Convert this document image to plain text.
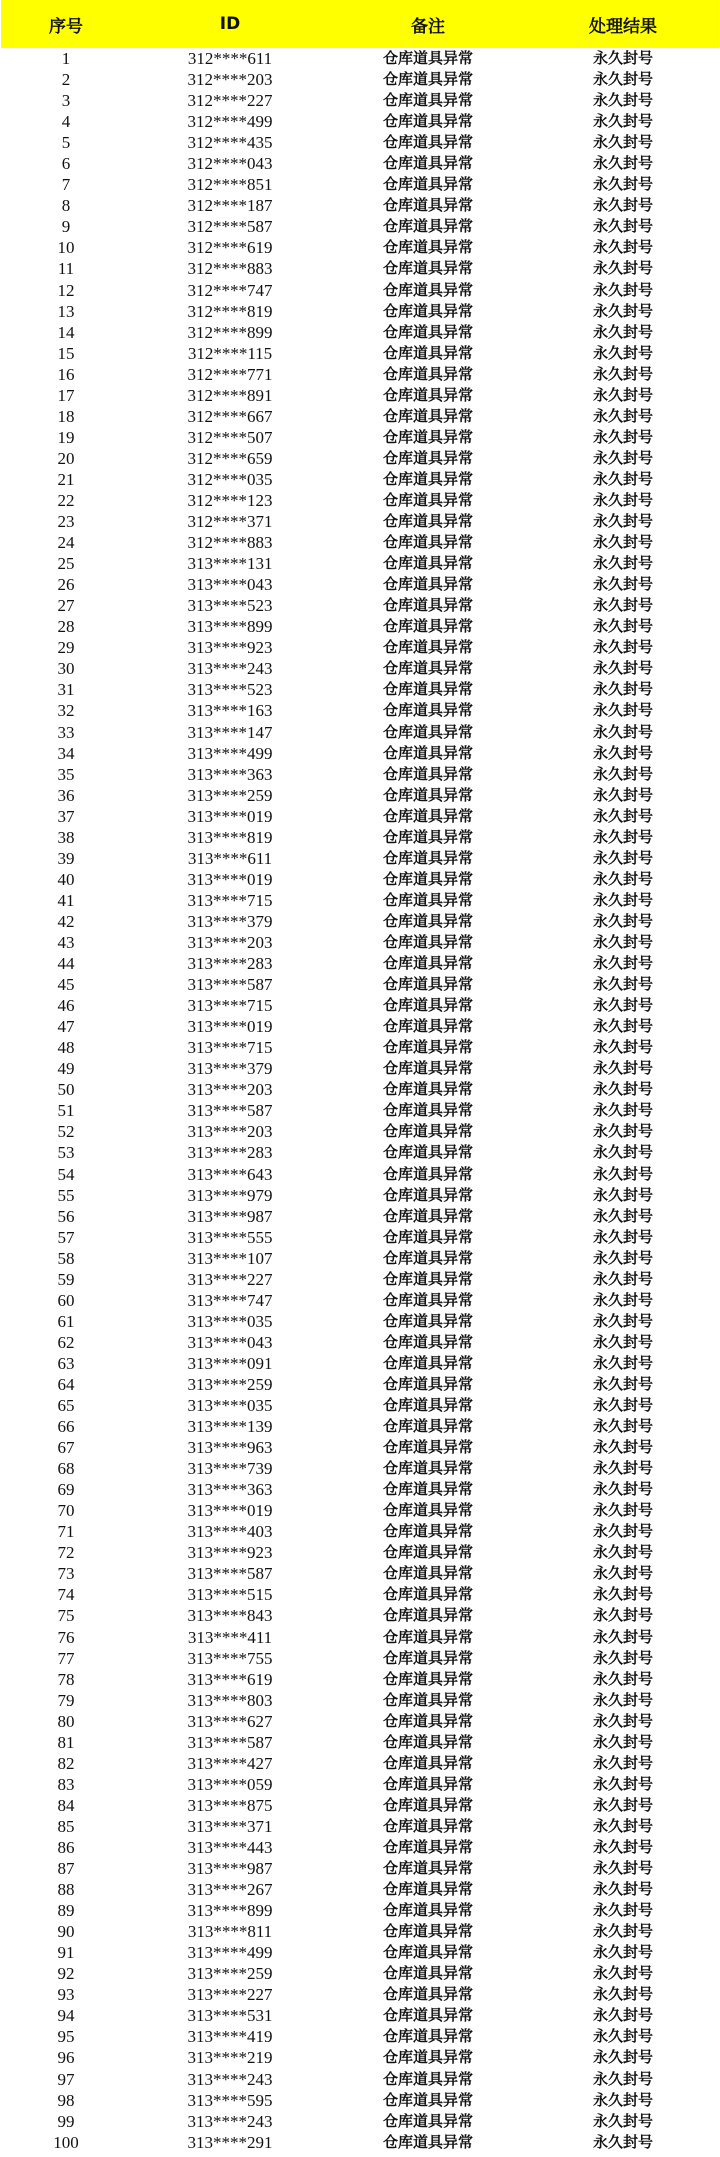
序号	ID	备注	处理结果
1	312****611	仓库道具异常	永久封号
2	312****203	仓库道具异常	永久封号
3	312****227	仓库道具异常	永久封号
4	312****499	仓库道具异常	永久封号
5	312****435	仓库道具异常	永久封号
6	312****043	仓库道具异常	永久封号
7	312****851	仓库道具异常	永久封号
8	312****187	仓库道具异常	永久封号
9	312****587	仓库道具异常	永久封号
10	312****619	仓库道具异常	永久封号
11	312****883	仓库道具异常	永久封号
12	312****747	仓库道具异常	永久封号
13	312****819	仓库道具异常	永久封号
14	312****899	仓库道具异常	永久封号
15	312****115	仓库道具异常	永久封号
16	312****771	仓库道具异常	永久封号
17	312****891	仓库道具异常	永久封号
18	312****667	仓库道具异常	永久封号
19	312****507	仓库道具异常	永久封号
20	312****659	仓库道具异常	永久封号
21	312****035	仓库道具异常	永久封号
22	312****123	仓库道具异常	永久封号
23	312****371	仓库道具异常	永久封号
24	312****883	仓库道具异常	永久封号
25	313****131	仓库道具异常	永久封号
26	313****043	仓库道具异常	永久封号
27	313****523	仓库道具异常	永久封号
28	313****899	仓库道具异常	永久封号
29	313****923	仓库道具异常	永久封号
30	313****243	仓库道具异常	永久封号
31	313****523	仓库道具异常	永久封号
32	313****163	仓库道具异常	永久封号
33	313****147	仓库道具异常	永久封号
34	313****499	仓库道具异常	永久封号
35	313****363	仓库道具异常	永久封号
36	313****259	仓库道具异常	永久封号
37	313****019	仓库道具异常	永久封号
38	313****819	仓库道具异常	永久封号
39	313****611	仓库道具异常	永久封号
40	313****019	仓库道具异常	永久封号
41	313****715	仓库道具异常	永久封号
42	313****379	仓库道具异常	永久封号
43	313****203	仓库道具异常	永久封号
44	313****283	仓库道具异常	永久封号
45	313****587	仓库道具异常	永久封号
46	313****715	仓库道具异常	永久封号
47	313****019	仓库道具异常	永久封号
48	313****715	仓库道具异常	永久封号
49	313****379	仓库道具异常	永久封号
50	313****203	仓库道具异常	永久封号
51	313****587	仓库道具异常	永久封号
52	313****203	仓库道具异常	永久封号
53	313****283	仓库道具异常	永久封号
54	313****643	仓库道具异常	永久封号
55	313****979	仓库道具异常	永久封号
56	313****987	仓库道具异常	永久封号
57	313****555	仓库道具异常	永久封号
58	313****107	仓库道具异常	永久封号
59	313****227	仓库道具异常	永久封号
60	313****747	仓库道具异常	永久封号
61	313****035	仓库道具异常	永久封号
62	313****043	仓库道具异常	永久封号
63	313****091	仓库道具异常	永久封号
64	313****259	仓库道具异常	永久封号
65	313****035	仓库道具异常	永久封号
66	313****139	仓库道具异常	永久封号
67	313****963	仓库道具异常	永久封号
68	313****739	仓库道具异常	永久封号
69	313****363	仓库道具异常	永久封号
70	313****019	仓库道具异常	永久封号
71	313****403	仓库道具异常	永久封号
72	313****923	仓库道具异常	永久封号
73	313****587	仓库道具异常	永久封号
74	313****515	仓库道具异常	永久封号
75	313****843	仓库道具异常	永久封号
76	313****411	仓库道具异常	永久封号
77	313****755	仓库道具异常	永久封号
78	313****619	仓库道具异常	永久封号
79	313****803	仓库道具异常	永久封号
80	313****627	仓库道具异常	永久封号
81	313****587	仓库道具异常	永久封号
82	313****427	仓库道具异常	永久封号
83	313****059	仓库道具异常	永久封号
84	313****875	仓库道具异常	永久封号
85	313****371	仓库道具异常	永久封号
86	313****443	仓库道具异常	永久封号
87	313****987	仓库道具异常	永久封号
88	313****267	仓库道具异常	永久封号
89	313****899	仓库道具异常	永久封号
90	313****811	仓库道具异常	永久封号
91	313****499	仓库道具异常	永久封号
92	313****259	仓库道具异常	永久封号
93	313****227	仓库道具异常	永久封号
94	313****531	仓库道具异常	永久封号
95	313****419	仓库道具异常	永久封号
96	313****219	仓库道具异常	永久封号
97	313****243	仓库道具异常	永久封号
98	313****595	仓库道具异常	永久封号
99	313****243	仓库道具异常	永久封号
100	313****291	仓库道具异常	永久封号
